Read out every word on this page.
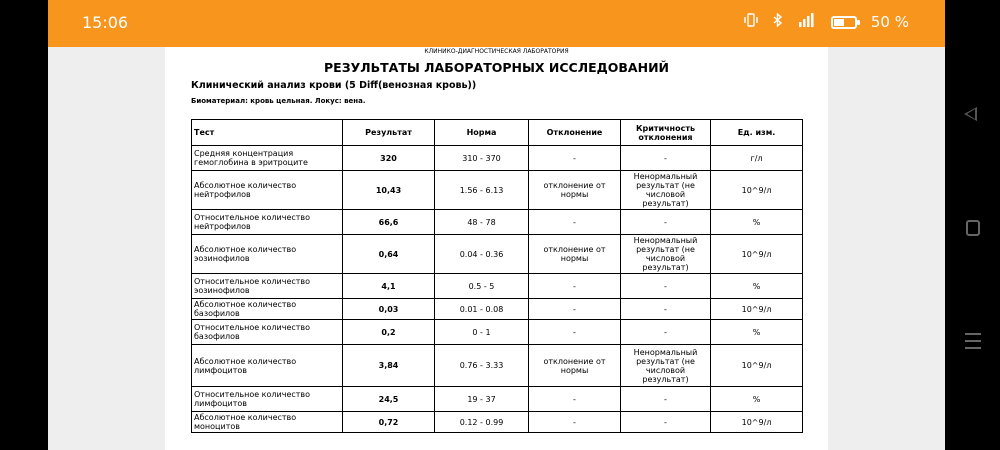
15:06	50 %
КЛИНИКО-ДИАГНОСТИЧЕСКАЯ ЛАБОРАТОРИЯ
РЕЗУЛЬТАТЫ ЛАБОРАТОРНЫХ ИССЛЕДОВАНИЙ
Клинический анализ крови (5 Diff(венозная кровь))
Биоматериал: кровь цельная. Локус: вена.
Тест	Результат	Норма	Отклонение	Критичность отклонения	Ед. изм.
Средняя концентрация гемоглобина в эритроците	320	310 - 370	-	-	г/л
Абсолютное количество нейтрофилов	10,43	1.56 - 6.13	отклонение от нормы	Ненормальный результат (не числовой результат)	10^9/л
Относительное количество нейтрофилов	66,6	48 - 78	-	-	%
Абсолютное количество эозинофилов	0,64	0.04 - 0.36	отклонение от нормы	Ненормальный результат (не числовой результат)	10^9/л
Относительное количество эозинофилов	4,1	0.5 - 5	-	-	%
Абсолютное количество базофилов	0,03	0.01 - 0.08	-	-	10^9/л
Относительное количество базофилов	0,2	0 - 1	-	-	%
Абсолютное количество лимфоцитов	3,84	0.76 - 3.33	отклонение от нормы	Ненормальный результат (не числовой результат)	10^9/л
Относительное количество лимфоцитов	24,5	19 - 37	-	-	%
Абсолютное количество моноцитов	0,72	0.12 - 0.99	-	-	10^9/л
